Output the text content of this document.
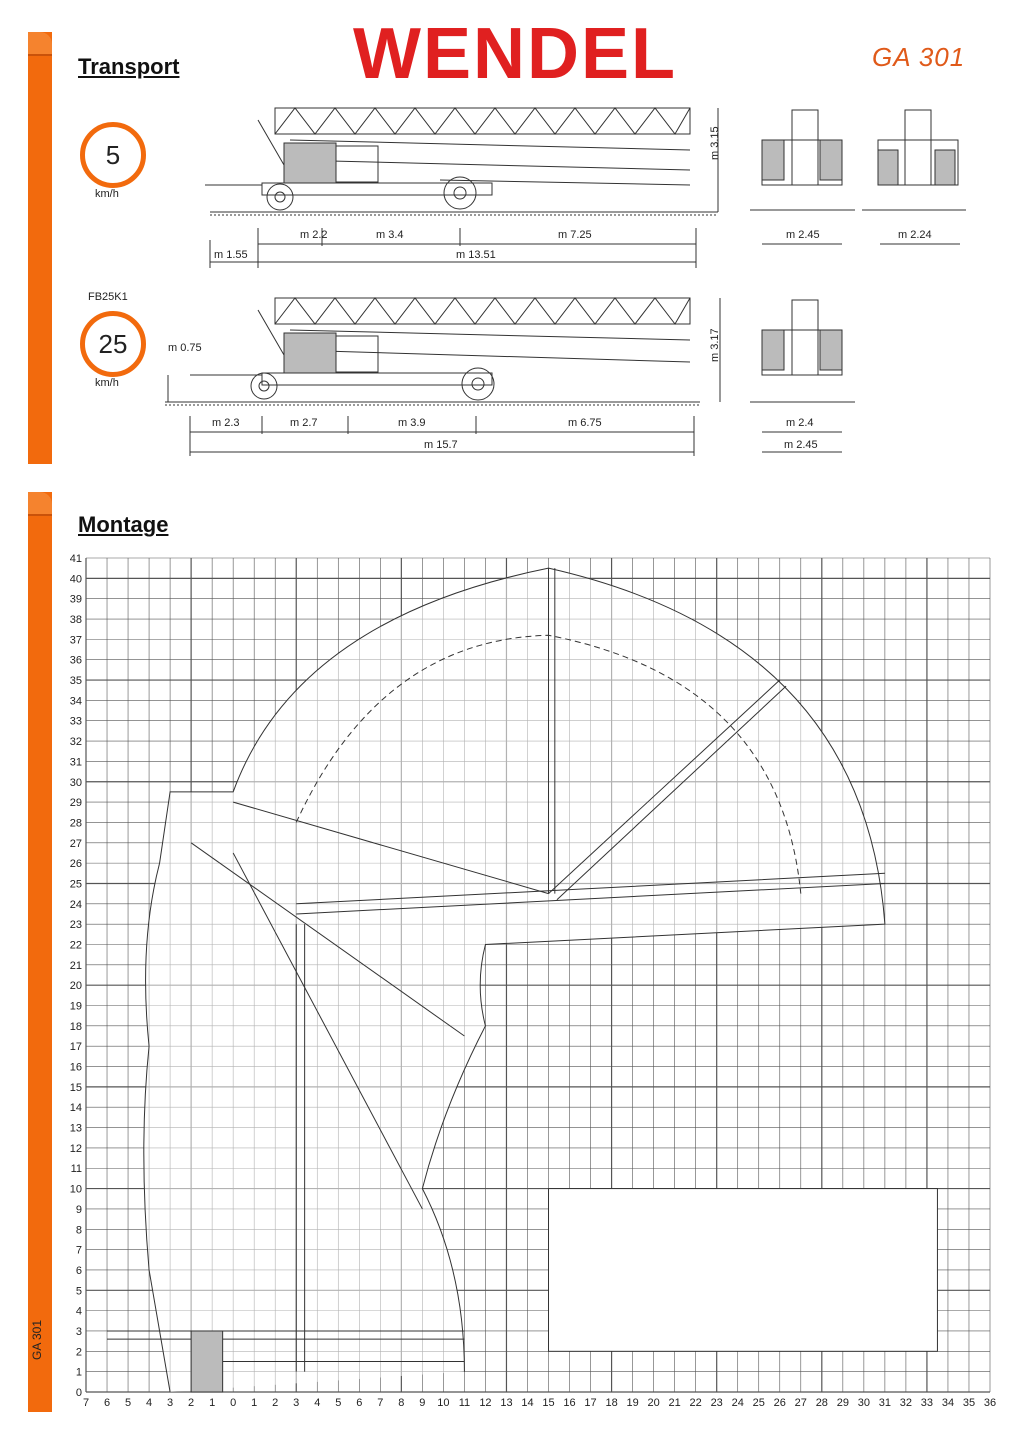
GA 301
Transport WENDEL	GA 301
5
km/h
FB25K1
25
km/h
m 3.15
m 2.2	m 3.4	m 7.25
m 1.55	m 13.51
m 2.45	m 2.24
m 0.75	m 3.17
m 2.3	m 2.7	m 3.9	m 6.75
m 15.7
m 2.4
m 2.45
Montage
0
1
2
3
4
5
6
7
8
9
10
11
12
13
14
15
16
17
18
19
20
21
22
23
24
25
26
27
28
29
30
31
32
33
34
35
36
37
38
39
40
41
7 6 5 4 3 2 1 0 1 2 3 4 5 6 7 8 9 10 11 12 13 14 15 16 17 18 19 20 21 22 23 24 25 26 27 28 29 30 31 32 33 34 35 36
